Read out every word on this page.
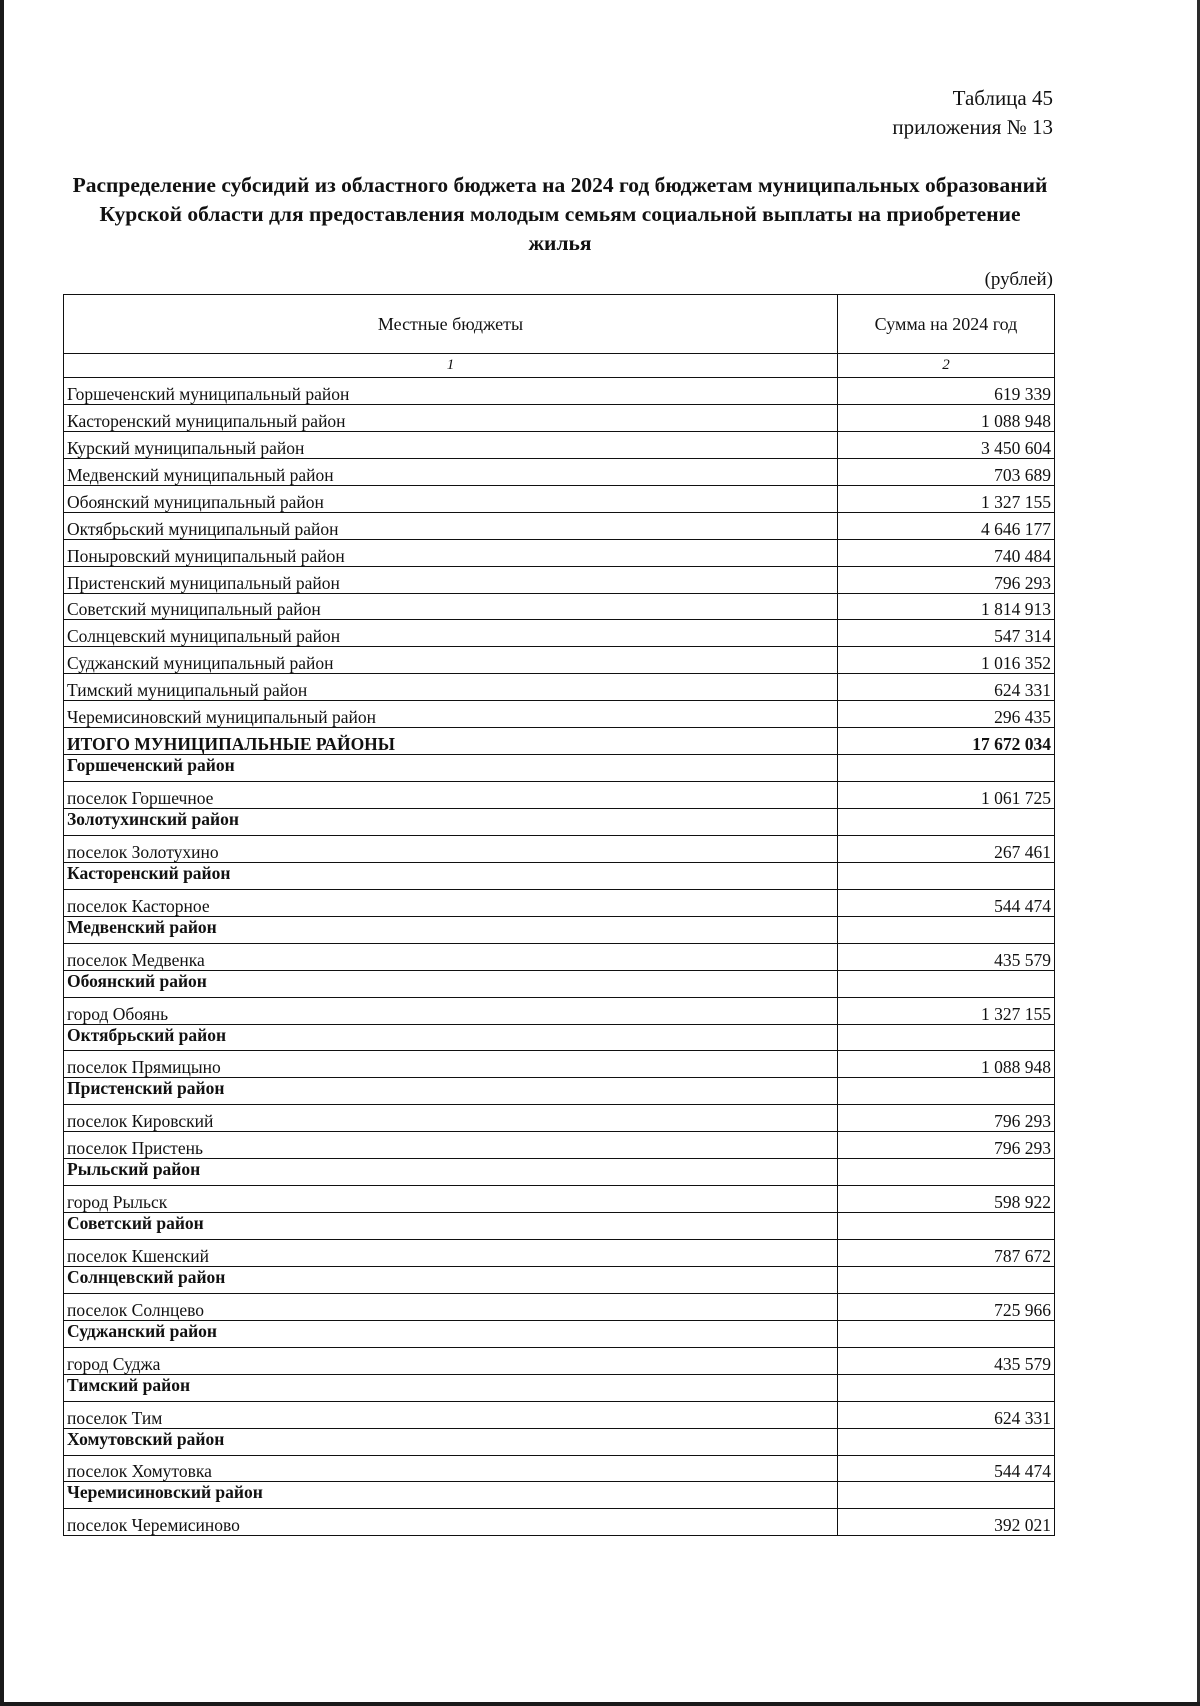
Таблица 45
приложения № 13
Распределение субсидий из областного бюджета на 2024 год бюджетам муниципальных образований Курской области для предоставления молодым семьям социальной выплаты на приобретение жилья
(рублей)
Местные бюджеты	Сумма на 2024 год
1	2
Горшеченский муниципальный район	619 339
Касторенский муниципальный район	1 088 948
Курский муниципальный район	3 450 604
Медвенский муниципальный район	703 689
Обоянский муниципальный район	1 327 155
Октябрьский муниципальный район	4 646 177
Поныровский муниципальный район	740 484
Пристенский муниципальный район	796 293
Советский муниципальный район	1 814 913
Солнцевский муниципальный район	547 314
Суджанский муниципальный район	1 016 352
Тимский муниципальный район	624 331
Черемисиновский муниципальный район	296 435
ИТОГО МУНИЦИПАЛЬНЫЕ РАЙОНЫ	17 672 034
Горшеченский район	
поселок Горшечное	1 061 725
Золотухинский район	
поселок Золотухино	267 461
Касторенский район	
поселок Касторное	544 474
Медвенский район	
поселок Медвенка	435 579
Обоянский район	
город Обоянь	1 327 155
Октябрьский район	
поселок Прямицыно	1 088 948
Пристенский район	
поселок Кировский	796 293
поселок Пристень	796 293
Рыльский район	
город Рыльск	598 922
Советский район	
поселок Кшенский	787 672
Солнцевский район	
поселок Солнцево	725 966
Суджанский район	
город Суджа	435 579
Тимский район	
поселок Тим	624 331
Хомутовский район	
поселок Хомутовка	544 474
Черемисиновский район	
поселок Черемисиново	392 021
